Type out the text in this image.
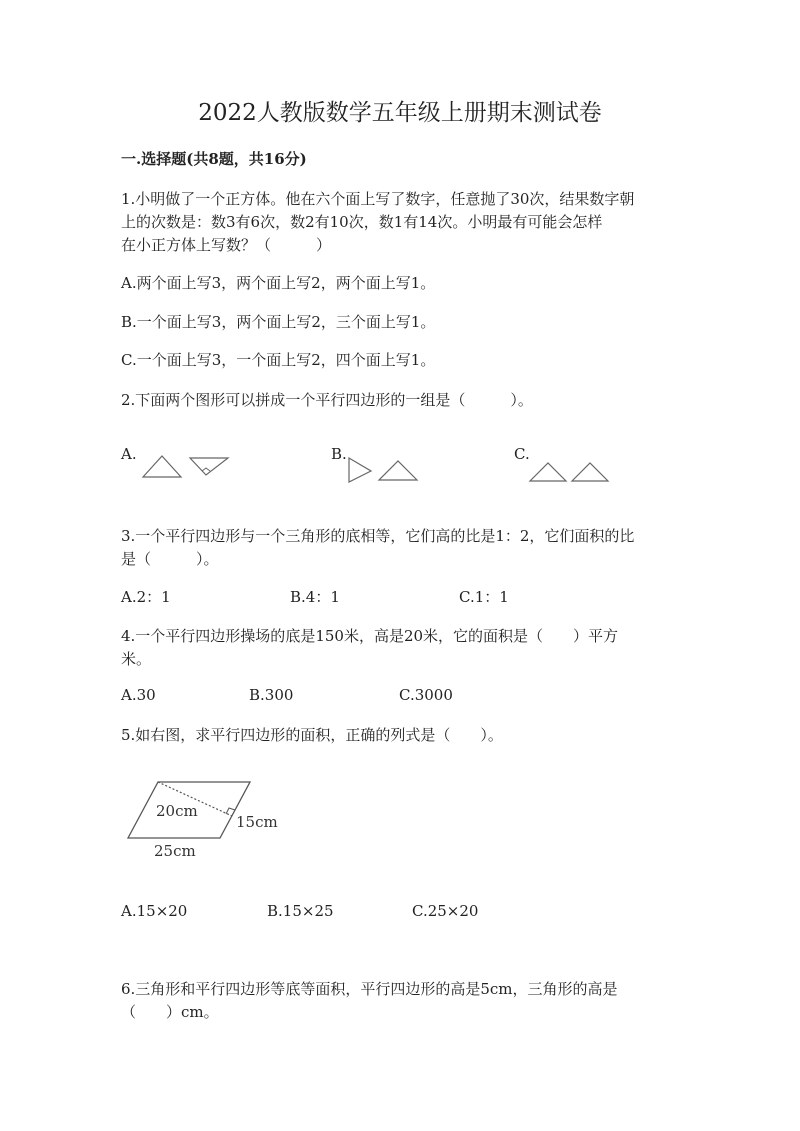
2022人教版数学五年级上册期末测试卷
一.选择题(共8题，共16分)
1.小明做了一个正方体。他在六个面上写了数字，任意抛了30次，结果数字朝
上的次数是：数3有6次，数2有10次，数1有14次。小明最有可能会怎样
在小正方体上写数？（　　　）
A.两个面上写3，两个面上写2，两个面上写1。
B.一个面上写3，两个面上写2，三个面上写1。
C.一个面上写3，一个面上写2，四个面上写1。
2.下面两个图形可以拼成一个平行四边形的一组是（　　　）。
A.	B.	C.
3.一个平行四边形与一个三角形的底相等，它们高的比是1：2，它们面积的比
是（　　　）。
A.2：1	B.4：1	C.1：1
4.一个平行四边形操场的底是150米，高是20米，它的面积是（　　）平方
米。
A.30	B.300	C.3000
5.如右图，求平行四边形的面积，正确的列式是（　　）。
20cm
15cm
25cm
A.15×20	B.15×25	C.25×20
6.三角形和平行四边形等底等面积，平行四边形的高是5cm，三角形的高是
（　　）cm。
